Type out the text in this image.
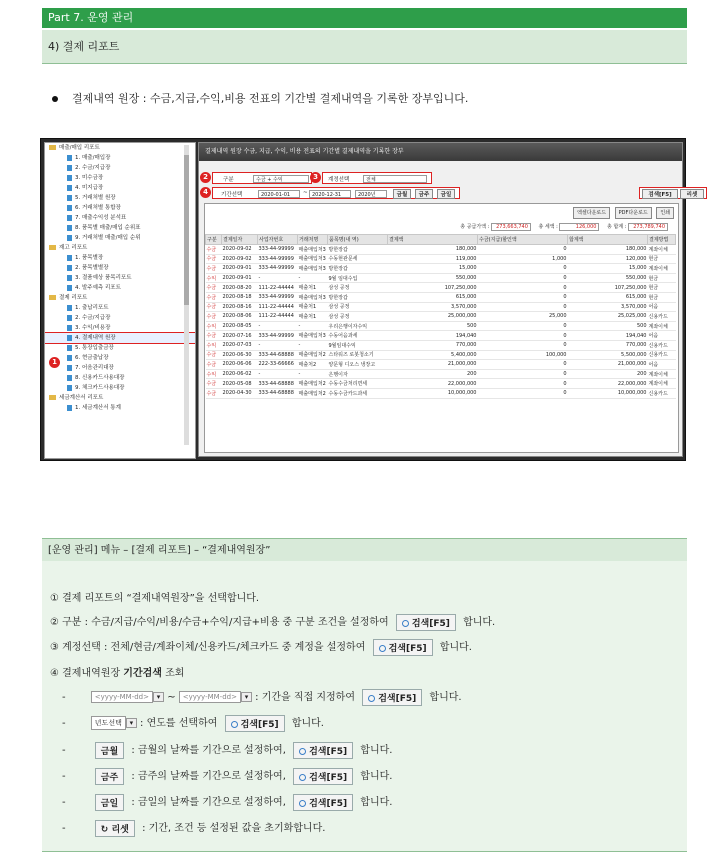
Part 7. 운영 관리
4) 결제 리포트
결제내역 원장 : 수금,지급,수익,비용 전표의 기간별 결제내역을 기록한 장부입니다.
매출/매입 리포트
1. 매출/매입장
2. 수금/지급장
3. 미수금장
4. 미지급장
5. 거래처별 원장
6. 거래처별 통합장
7. 매출수익성 분석표
8. 품목별 매출/매입 순위표
9. 거래처별 매출/매입 순위
재고 리포트
1. 품목별장
2. 품목별별장
3. 결품예상 품목리포트
4. 발주예측 리포트
결제 리포트
1. 출납리포트
2. 수금/지급장
3. 수익/비용장
4. 결제내역 원장
5. 통장입출금장
6. 현금출납장
7. 어음관리대장
8. 신용카드사용대장
9. 체크카드사용대장
세금계산서 리포트
1. 세금계산서 통계
1
결제내역 원장 수금, 지급, 수익, 비용 전표의 기간별 결제내역을 기록한 장부
2	구분	수금 + 수익	3	계정선택	전체
4	기간선택	2020-01-01	~ 2020-12-31	2020년	금월	금주	금일	검색[F5]	리셋
엑셀다운로드	PDF다운로드	인쇄
총 공급가액 : 273,663,740 총 세액 :	126,000 총 합계 : 273,789,740
구분	결제일자	사업자번호	거래처명	품목명(내 역)	결제액	수금(지급)할인액	합계액	결제방법
수금	2020-09-02	333-44-99999	매출매입처3	방한장갑	180,000	0	180,000	계좌이체
수금	2020-09-02	333-44-99999	매출매입처3	수동현관문세	119,000	1,000	120,000	현금
수금	2020-09-01	333-44-99999	매출매입처3	방한장갑	15,000	0	15,000	계좌이체
수익	2020-09-01	-	-	9월 임대수입	550,000	0	550,000	현금
수금	2020-08-20	111-22-44444	매출처1	삼성 공정	107,250,000	0	107,250,000	현금
수금	2020-08-18	333-44-99999	매출매입처3	방한장갑	615,000	0	615,000	현금
수금	2020-08-16	111-22-44444	매출처1	삼성 공정	3,570,000	0	3,570,000	어음
수금	2020-08-06	111-22-44444	매출처1	삼성 공정	25,000,000	25,000	25,025,000	신용카드
수익	2020-08-05	-	-	우리은행이자수익	500	0	500	계좌이체
수금	2020-07-16	333-44-99999	매출매입처3	수동어음과세	194,040	0	194,040	어음
수익	2020-07-03	-	-	9월임대수익	770,000	0	770,000	신용카드
수금	2020-06-30	333-44-68888	매출매입처2	스타워즈 로봇청소기	5,400,000	100,000	5,500,000	신용카드
수금	2020-06-06	222-33-66666	매출처2	양문형 디오스 냉장고	21,000,000	0	21,000,000	어음
수익	2020-06-02	-	-	은행이자	200	0	200	계좌이체
수금	2020-05-08	333-44-68888	매출매입처2	수동수금처리면세	22,000,000	0	22,000,000	계좌이체
수금	2020-04-30	333-44-68888	매출매입처2	수동수금카드과세	10,000,000	0	10,000,000	신용카드
[운영 관리] 메뉴 – [결제 리포트] – “결제내역원장”
① 결제 리포트의 “결제내역원장”을 선택합니다.
② 구분 : 수금/지급/수익/비용/수금+수익/지급+비용 중 구분 조건을 설정하여	검색[F5] 합니다.
③ 계정선택 : 전체/현금/계좌이체/신용카드/체크카드 중 계정을 설정하여	검색[F5] 합니다.
④ 결제내역원장 기간검색 조회
-	<yyyy-MM-dd> ▾ ~ <yyyy-MM-dd> ▾ : 기간을 직접 지정하여	검색[F5] 합니다.
-	년도선택 ▾ : 연도를 선택하여	검색[F5] 합니다.
-	금월 : 금월의 날짜를 기간으로 설정하여,	검색[F5] 합니다.
-	금주 : 금주의 날짜를 기간으로 설정하여,	검색[F5] 합니다.
-	금일 : 금일의 날짜를 기간으로 설정하여,	검색[F5] 합니다.
-	↻ 리셋 : 기간, 조건 등 설정된 값을 초기화합니다.
